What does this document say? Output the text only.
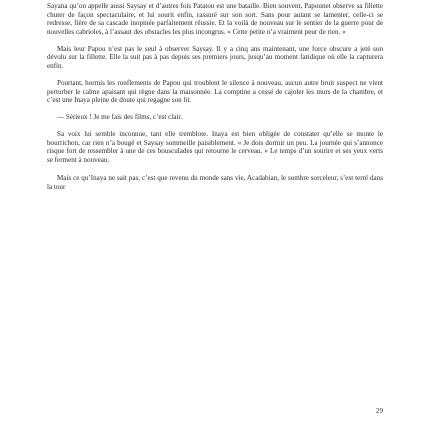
Sayana qu’on appelle aussi Saysay et d’autres fois Patatou est une bataille. Bien souvent, Papounet observe sa fillette chuter de façon spectaculaire, et lui sourit enfin, rassuré sur son sort. Sans pour autant se lamenter, celle-ci se redresse, fière de sa cascade inopinée parfaitement réussie. Et la voilà de nouveau sur le sentier de la guerre pour de nouvelles cabrioles, à l’assaut des obstacles les plus incongrus. « Cette petite n’a vraiment peur de rien. »

Mais leur Papou n’est pas le seul à observer Saysay. Il y a cinq ans maintenant, une force obscure a jeté son dévolu sur la fillette. Elle la suit pas à pas depuis ses premiers jours, jusqu’au moment fatidique où elle la capturera enfin.

Pourtant, hormis les ronflements de Papou qui troublent le silence à nouveau, aucun autre bruit suspect ne vient perturber le calme apaisant qui règne dans la maisonnée. La comptine a cessé de cajoler les murs de la chambre, et c’est une Inaya pleine de doute qui regagne son lit.

— Sérieux ! Je me fais des films, c’est clair.

Sa voix lui semble inconnue, tant elle tremblote. Inaya est bien obligée de constater qu’elle se monte le bourrichon, car rien n’a bougé et Saysay sommeille paisiblement. « Je dois dormir un peu. La journée qui s’annonce risque fort de ressembler à une de ces bousculades qui retourne le cerveau. » Le temps d’un sourire et ses yeux verts se ferment à nouveau.

Mais ce qu’Inaya ne sait pas, c’est que revenu du monde sans vie, Acadabian, le sombre sorceleur, s’est terré dans la tour

29
